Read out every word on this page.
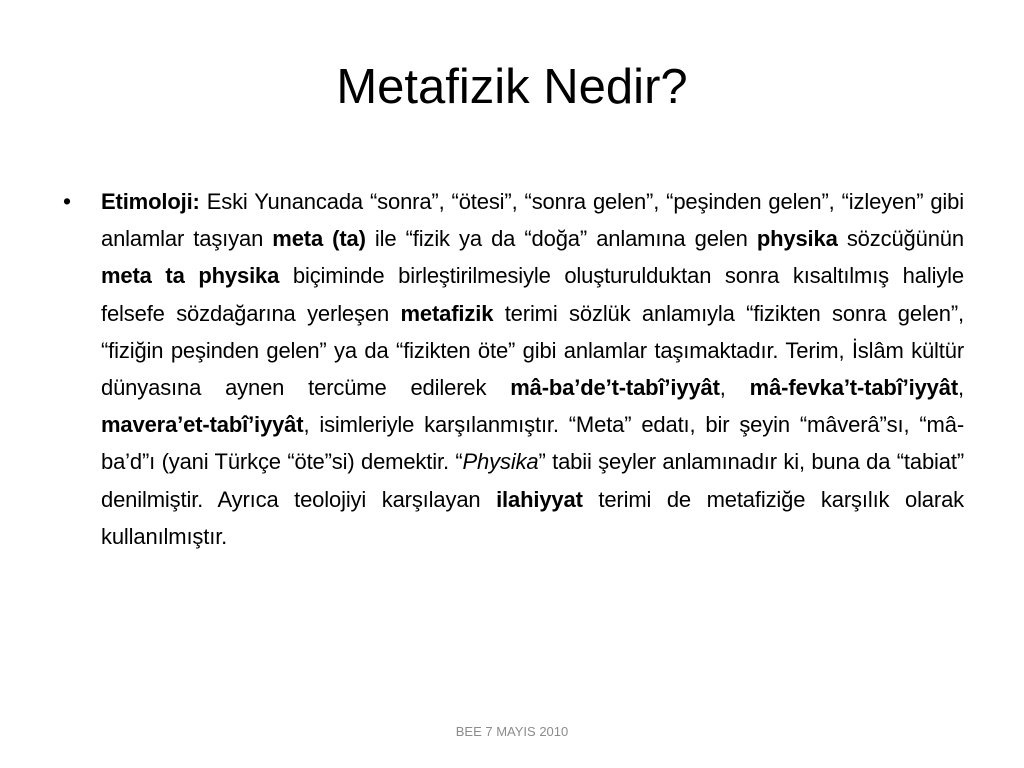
Metafizik Nedir?
• Etimoloji: Eski Yunancada “sonra”, “ötesi”, “sonra gelen”, “peşinden gelen”, “izleyen” gibi anlamlar taşıyan meta (ta) ile “fizik ya da “doğa” anlamına gelen physika sözcüğünün meta ta physika biçiminde birleştirilmesiyle oluşturulduktan sonra kısaltılmış haliyle felsefe sözdağarına yerleşen metafizik terimi sözlük anlamıyla “fizikten sonra gelen”, “fiziğin peşinden gelen” ya da “fizikten öte” gibi anlamlar taşımaktadır. Terim, İslâm kültür dünyasına aynen tercüme edilerek mâ-ba’de’t-tabî’iyyât, mâ-fevka’t-tabî’iyyât, mavera’et-tabî’iyyât, isimleriyle karşılanmıştır. “Meta” edatı, bir şeyin “mâverâ”sı, “mâ-ba’d”ı (yani Türkçe “öte”si) demektir. “Physika” tabii şeyler anlamınadır ki, buna da “tabiat” denilmiştir. Ayrıca teolojiyi karşılayan ilahiyyat terimi de metafiziğe karşılık olarak kullanılmıştır.

BEE 7 MAYIS 2010
